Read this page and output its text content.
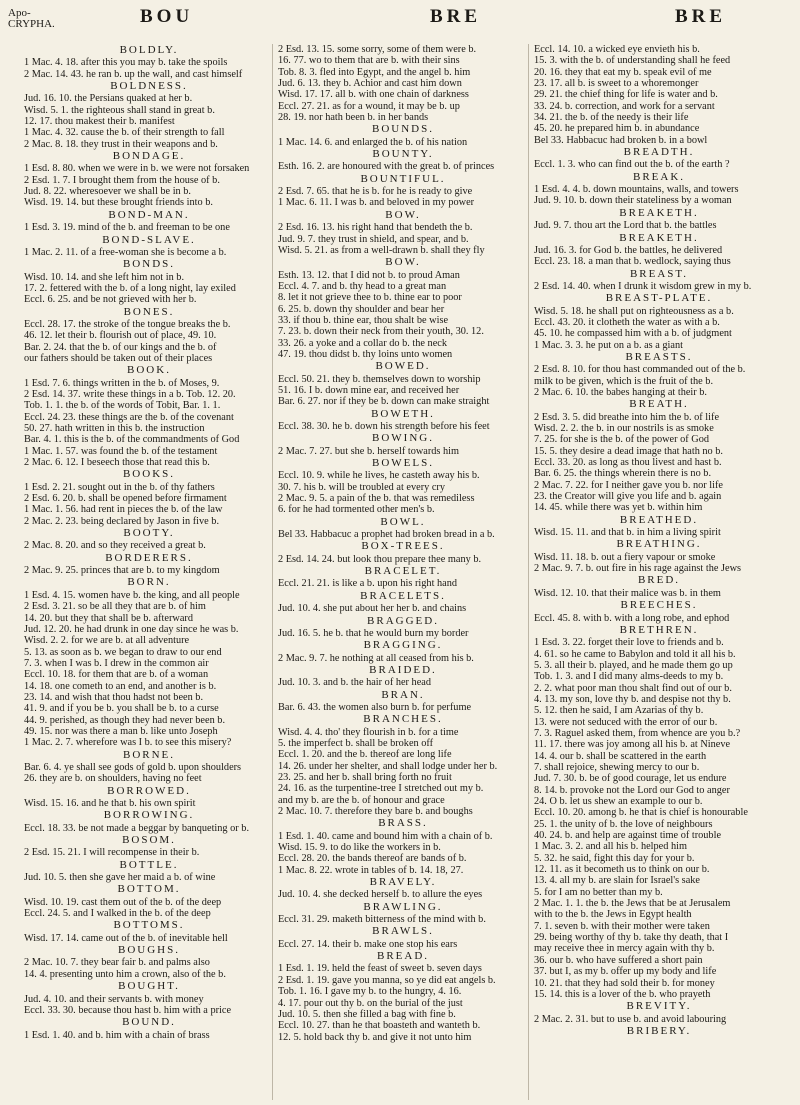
Apo-
CRYPHA.	BOU	BRE	BRE
BOLDLY.
1 Mac. 4. 18. after this you may b. take the spoils
2 Mac. 14. 43. he ran b. up the wall, and cast himself
BOLDNESS.
Jud. 16. 10. the Persians quaked at her b.
Wisd. 5. 1. the righteous shall stand in great b.
12. 17. thou makest their b. manifest
1 Mac. 4. 32. cause the b. of their strength to fall
2 Mac. 8. 18. they trust in their weapons and b.
BONDAGE.
1 Esd. 8. 80. when we were in b. we were not forsaken
2 Esd. 1. 7. I brought them from the house of b.
Jud. 8. 22. wheresoever we shall be in b.
Wisd. 19. 14. but these brought friends into b.
BOND-MAN.
1 Esd. 3. 19. mind of the b. and freeman to be one
BOND-SLAVE.
1 Mac. 2. 11. of a free-woman she is become a b.
BONDS.
Wisd. 10. 14. and she left him not in b.
17. 2. fettered with the b. of a long night, lay exiled
Eccl. 6. 25. and be not grieved with her b.
BONES.
Eccl. 28. 17. the stroke of the tongue breaks the b.
46. 12. let their b. flourish out of place, 49. 10.
Bar. 2. 24. that the b. of our kings and the b. of
our fathers should be taken out of their places
BOOK.
1 Esd. 7. 6. things written in the b. of Moses, 9.
2 Esd. 14. 37. write these things in a b. Tob. 12. 20.
Tob. 1. 1. the b. of the words of Tobit, Bar. 1. 1.
Eccl. 24. 23. these things are the b. of the covenant
50. 27. hath written in this b. the instruction
Bar. 4. 1. this is the b. of the commandments of God
1 Mac. 1. 57. was found the b. of the testament
2 Mac. 6. 12. I beseech those that read this b.
BOOKS.
1 Esd. 2. 21. sought out in the b. of thy fathers
2 Esd. 6. 20. b. shall be opened before firmament
1 Mac. 1. 56. had rent in pieces the b. of the law
2 Mac. 2. 23. being declared by Jason in five b.
BOOTY.
2 Mac. 8. 20. and so they received a great b.
BORDERERS.
2 Mac. 9. 25. princes that are b. to my kingdom
BORN.
1 Esd. 4. 15. women have b. the king, and all people
2 Esd. 3. 21. so be all they that are b. of him
14. 20. but they that shall be b. afterward
Jud. 12. 20. he had drunk in one day since he was b.
Wisd. 2. 2. for we are b. at all adventure
5. 13. as soon as b. we began to draw to our end
7. 3. when I was b. I drew in the common air
Eccl. 10. 18. for them that are b. of a woman
14. 18. one cometh to an end, and another is b.
23. 14. and wish that thou hadst not been b.
41. 9. and if you be b. you shall be b. to a curse
44. 9. perished, as though they had never been b.
49. 15. nor was there a man b. like unto Joseph
1 Mac. 2. 7. wherefore was I b. to see this misery?
BORNE.
Bar. 6. 4. ye shall see gods of gold b. upon shoulders
26. they are b. on shoulders, having no feet
BORROWED.
Wisd. 15. 16. and he that b. his own spirit
BORROWING.
Eccl. 18. 33. be not made a beggar by banqueting or b.
BOSOM.
2 Esd. 15. 21. I will recompense in their b.
BOTTLE.
Jud. 10. 5. then she gave her maid a b. of wine
BOTTOM.
Wisd. 10. 19. cast them out of the b. of the deep
Eccl. 24. 5. and I walked in the b. of the deep
BOTTOMS.
Wisd. 17. 14. came out of the b. of inevitable hell
BOUGHS.
2 Mac. 10. 7. they bear fair b. and palms also
14. 4. presenting unto him a crown, also of the b.
BOUGHT.
Jud. 4. 10. and their servants b. with money
Eccl. 33. 30. because thou hast b. him with a price
BOUND.
1 Esd. 1. 40. and b. him with a chain of brass
2 Esd. 13. 15. some sorry, some of them were b.
16. 77. wo to them that are b. with their sins
Tob. 8. 3. fled into Egypt, and the angel b. him
Jud. 6. 13. they b. Achior and cast him down
Wisd. 17. 17. all b. with one chain of darkness
Eccl. 27. 21. as for a wound, it may be b. up
28. 19. nor hath been b. in her bands
BOUNDS.
1 Mac. 14. 6. and enlarged the b. of his nation
BOUNTY.
Esth. 16. 2. are honoured with the great b. of princes
BOUNTIFUL.
2 Esd. 7. 65. that he is b. for he is ready to give
1 Mac. 6. 11. I was b. and beloved in my power
BOW.
2 Esd. 16. 13. his right hand that bendeth the b.
Jud. 9. 7. they trust in shield, and spear, and b.
Wisd. 5. 21. as from a well-drawn b. shall they fly
BOW.
Esth. 13. 12. that I did not b. to proud Aman
Eccl. 4. 7. and b. thy head to a great man
8. let it not grieve thee to b. thine ear to poor
6. 25. b. down thy shoulder and bear her
33. if thou b. thine ear, thou shalt be wise
7. 23. b. down their neck from their youth, 30. 12.
33. 26. a yoke and a collar do b. the neck
47. 19. thou didst b. thy loins unto women
BOWED.
Eccl. 50. 21. they b. themselves down to worship
51. 16. I b. down mine ear, and received her
Bar. 6. 27. nor if they be b. down can make straight
BOWETH.
Eccl. 38. 30. he b. down his strength before his feet
BOWING.
2 Mac. 7. 27. but she b. herself towards him
BOWELS.
Eccl. 10. 9. while he lives, he casteth away his b.
30. 7. his b. will be troubled at every cry
2 Mac. 9. 5. a pain of the b. that was remediless
6. for he had tormented other men's b.
BOWL.
Bel 33. Habbacuc a prophet had broken bread in a b.
BOX-TREES.
2 Esd. 14. 24. but look thou prepare thee many b.
BRACELET.
Eccl. 21. 21. is like a b. upon his right hand
BRACELETS.
Jud. 10. 4. she put about her her b. and chains
BRAGGED.
Jud. 16. 5. he b. that he would burn my border
BRAGGING.
2 Mac. 9. 7. he nothing at all ceased from his b.
BRAIDED.
Jud. 10. 3. and b. the hair of her head
BRAN.
Bar. 6. 43. the women also burn b. for perfume
BRANCHES.
Wisd. 4. 4. tho' they flourish in b. for a time
5. the imperfect b. shall be broken off
Eccl. 1. 20. and the b. thereof are long life
14. 26. under her shelter, and shall lodge under her b.
23. 25. and her b. shall bring forth no fruit
24. 16. as the turpentine-tree I stretched out my b.
and my b. are the b. of honour and grace
2 Mac. 10. 7. therefore they bare b. and boughs
BRASS.
1 Esd. 1. 40. came and bound him with a chain of b.
Wisd. 15. 9. to do like the workers in b.
Eccl. 28. 20. the bands thereof are bands of b.
1 Mac. 8. 22. wrote in tables of b. 14. 18, 27.
BRAVELY.
Jud. 10. 4. she decked herself b. to allure the eyes
BRAWLING.
Eccl. 31. 29. maketh bitterness of the mind with b.
BRAWLS.
Eccl. 27. 14. their b. make one stop his ears
BREAD.
1 Esd. 1. 19. held the feast of sweet b. seven days
2 Esd. 1. 19. gave you manna, so ye did eat angels b.
Tob. 1. 16. I gave my b. to the hungry, 4. 16.
4. 17. pour out thy b. on the burial of the just
Jud. 10. 5. then she filled a bag with fine b.
Eccl. 10. 27. than he that boasteth and wanteth b.
12. 5. hold back thy b. and give it not unto him
Eccl. 14. 10. a wicked eye envieth his b.
15. 3. with the b. of understanding shall he feed
20. 16. they that eat my b. speak evil of me
23. 17. all b. is sweet to a whoremonger
29. 21. the chief thing for life is water and b.
33. 24. b. correction, and work for a servant
34. 21. the b. of the needy is their life
45. 20. he prepared him b. in abundance
Bel 33. Habbacuc had broken b. in a bowl
BREADTH.
Eccl. 1. 3. who can find out the b. of the earth ?
BREAK.
1 Esd. 4. 4. b. down mountains, walls, and towers
Jud. 9. 10. b. down their stateliness by a woman
BREAKETH.
Jud. 9. 7. thou art the Lord that b. the battles
BREAKETH.
Jud. 16. 3. for God b. the battles, he delivered
Eccl. 23. 18. a man that b. wedlock, saying thus
BREAST.
2 Esd. 14. 40. when I drunk it wisdom grew in my b.
BREAST-PLATE.
Wisd. 5. 18. he shall put on righteousness as a b.
Eccl. 43. 20. it clotheth the water as with a b.
45. 10. he compassed him with a b. of judgment
1 Mac. 3. 3. he put on a b. as a giant
BREASTS.
2 Esd. 8. 10. for thou hast commanded out of the b.
milk to be given, which is the fruit of the b.
2 Mac. 6. 10. the babes hanging at their b.
BREATH.
2 Esd. 3. 5. did breathe into him the b. of life
Wisd. 2. 2. the b. in our nostrils is as smoke
7. 25. for she is the b. of the power of God
15. 5. they desire a dead image that hath no b.
Eccl. 33. 20. as long as thou livest and hast b.
Bar. 6. 25. the things wherein there is no b.
2 Mac. 7. 22. for I neither gave you b. nor life
23. the Creator will give you life and b. again
14. 45. while there was yet b. within him
BREATHED.
Wisd. 15. 11. and that b. in him a living spirit
BREATHING.
Wisd. 11. 18. b. out a fiery vapour or smoke
2 Mac. 9. 7. b. out fire in his rage against the Jews
BRED.
Wisd. 12. 10. that their malice was b. in them
BREECHES.
Eccl. 45. 8. with b. with a long robe, and ephod
BRETHREN.
1 Esd. 3. 22. forget their love to friends and b.
4. 61. so he came to Babylon and told it all his b.
5. 3. all their b. played, and he made them go up
Tob. 1. 3. and I did many alms-deeds to my b.
2. 2. what poor man thou shalt find out of our b.
4. 13. my son, love thy b. and despise not thy b.
5. 12. then he said, I am Azarias of thy b.
13. were not seduced with the error of our b.
7. 3. Raguel asked them, from whence are you b.?
11. 17. there was joy among all his b. at Nineve
14. 4. our b. shall be scattered in the earth
7. shall rejoice, shewing mercy to our b.
Jud. 7. 30. b. be of good courage, let us endure
8. 14. b. provoke not the Lord our God to anger
24. O b. let us shew an example to our b.
Eccl. 10. 20. among b. he that is chief is honourable
25. 1. the unity of b. the love of neighbours
40. 24. b. and help are against time of trouble
1 Mac. 3. 2. and all his b. helped him
5. 32. he said, fight this day for your b.
12. 11. as it becometh us to think on our b.
13. 4. all my b. are slain for Israel's sake
5. for I am no better than my b.
2 Mac. 1. 1. the b. the Jews that be at Jerusalem
with to the b. the Jews in Egypt health
7. 1. seven b. with their mother were taken
29. being worthy of thy b. take thy death, that I
may receive thee in mercy again with thy b.
36. our b. who have suffered a short pain
37. but I, as my b. offer up my body and life
10. 21. that they had sold their b. for money
15. 14. this is a lover of the b. who prayeth
BREVITY.
2 Mac. 2. 31. but to use b. and avoid labouring
BRIBERY.
